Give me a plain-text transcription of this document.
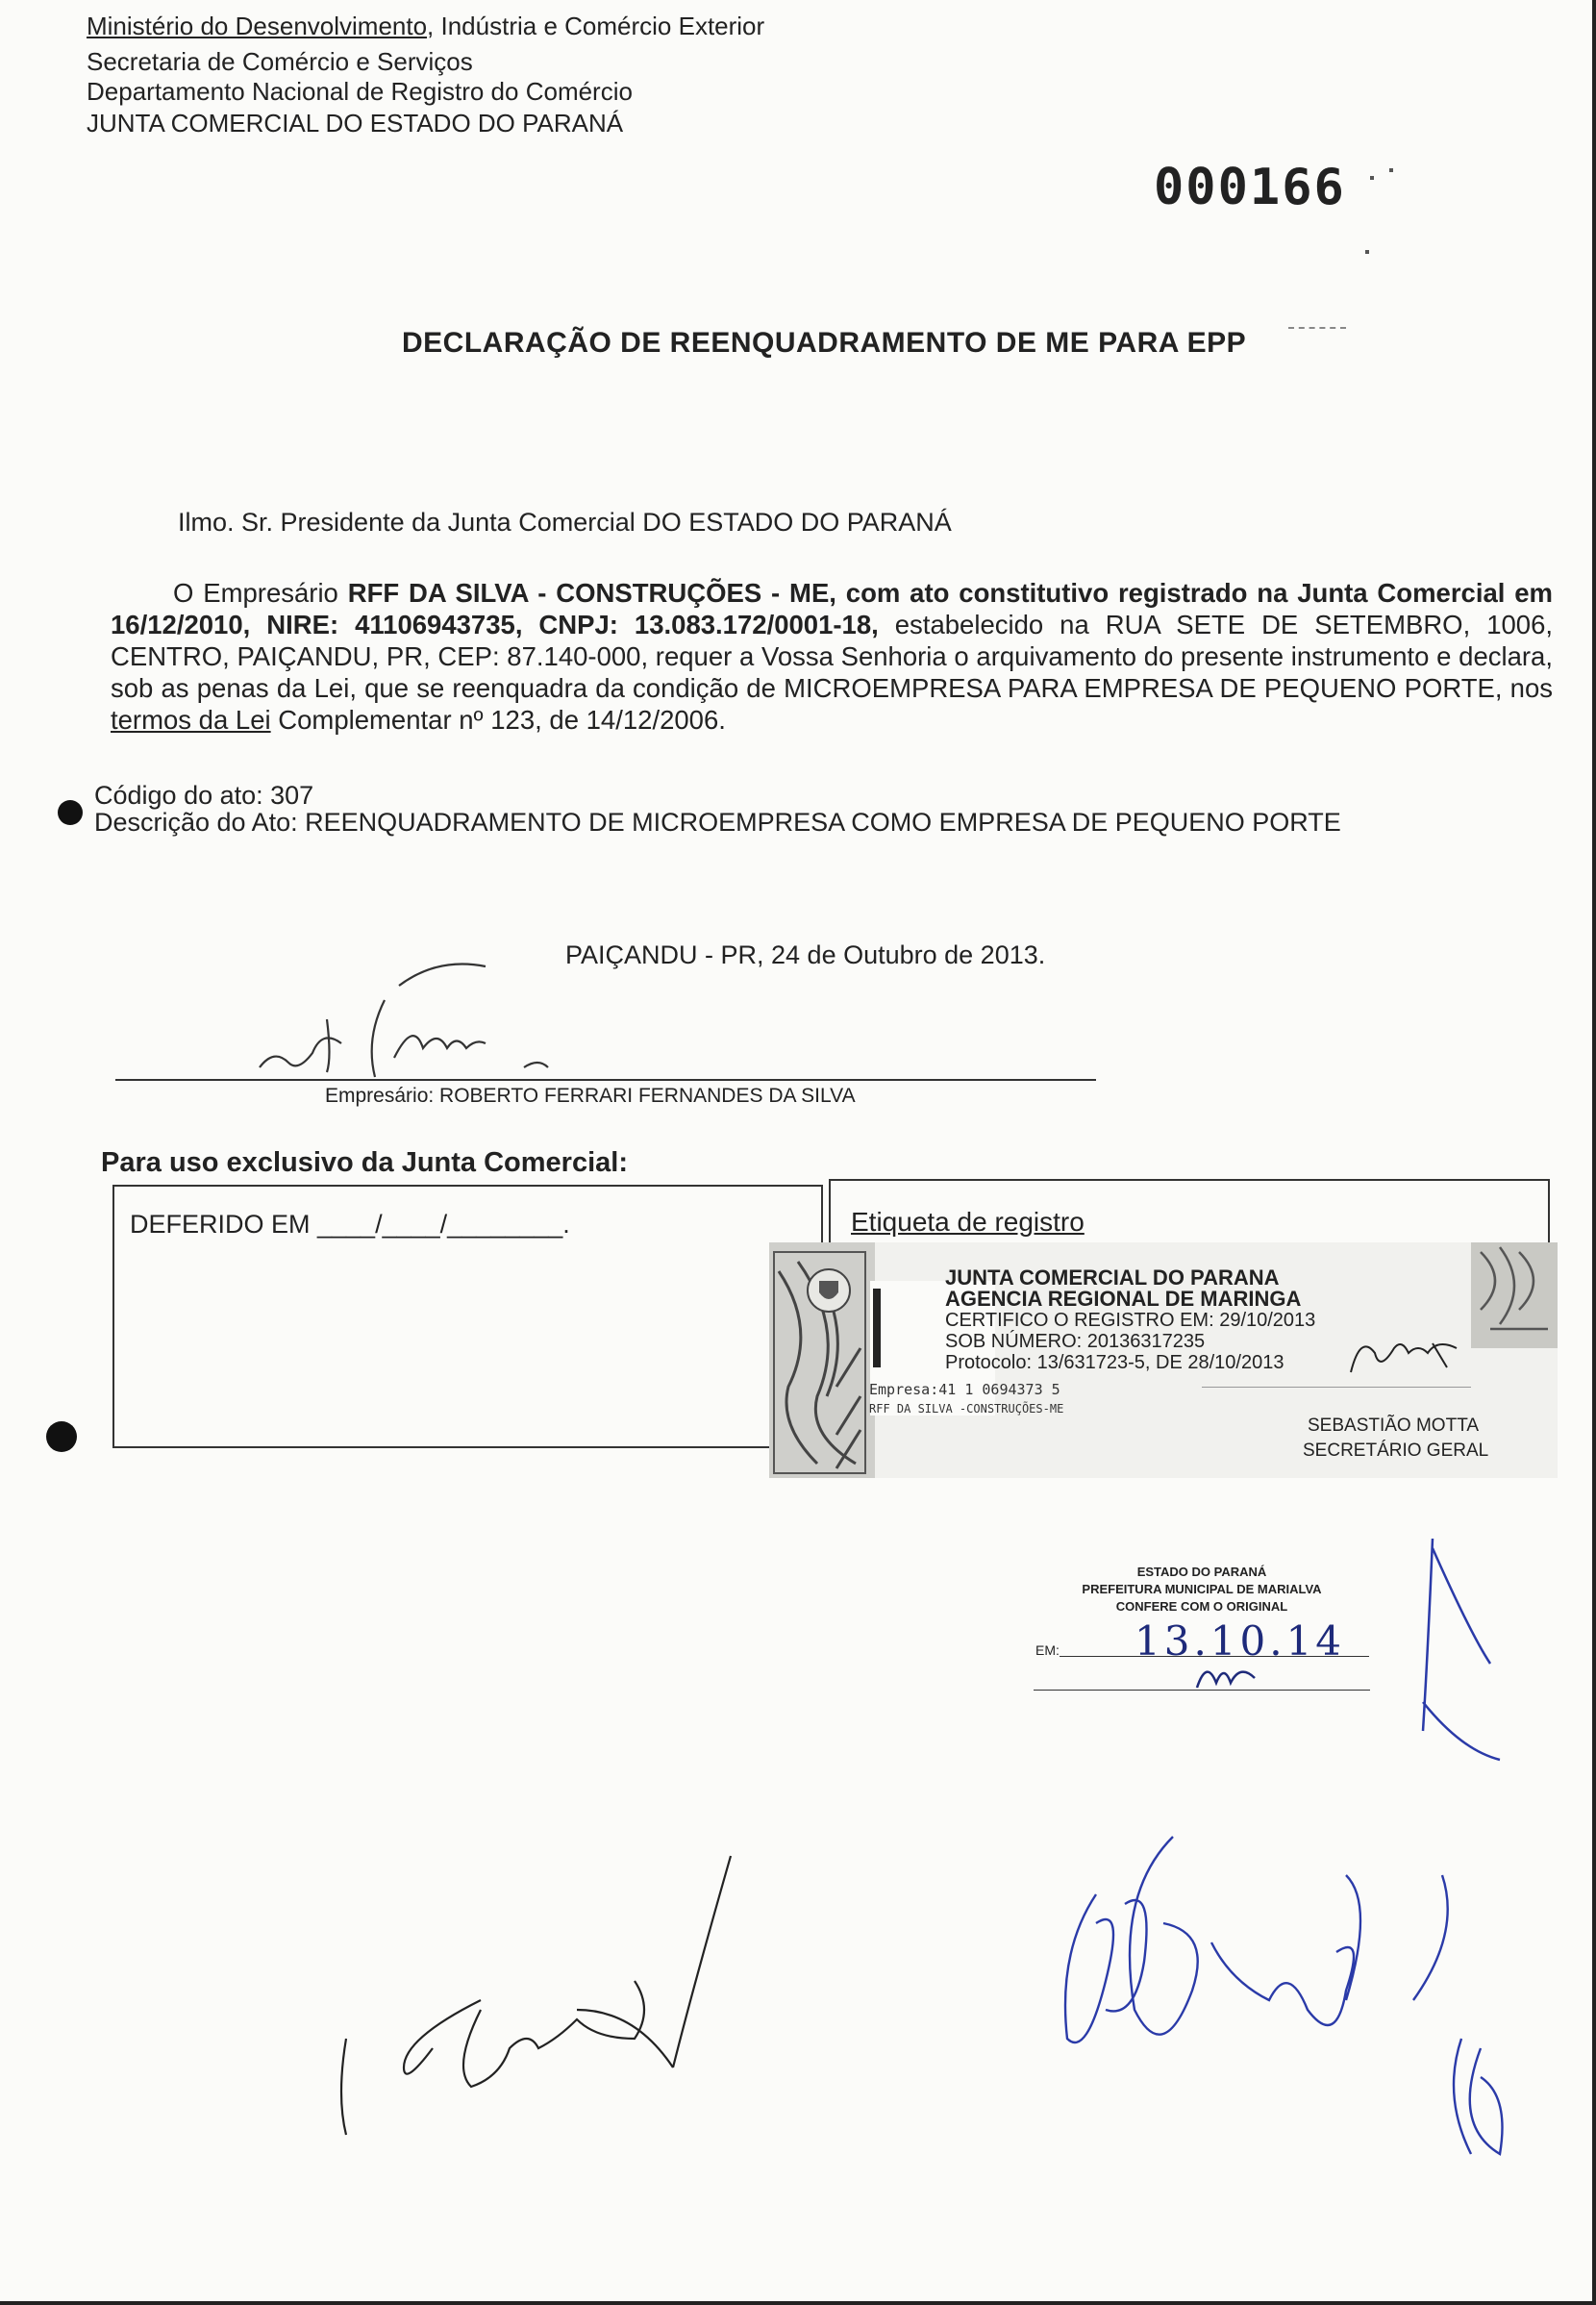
Ministério do Desenvolvimento, Indústria e Comércio Exterior
Secretaria de Comércio e Serviços
Departamento Nacional de Registro do Comércio
JUNTA COMERCIAL DO ESTADO DO PARANÁ
000166
DECLARAÇÃO DE REENQUADRAMENTO DE ME PARA EPP
Ilmo. Sr. Presidente da Junta Comercial DO ESTADO DO PARANÁ
O Empresário RFF DA SILVA - CONSTRUÇÕES - ME, com ato constitutivo registrado na Junta Comercial em 16/12/2010, NIRE: 41106943735, CNPJ: 13.083.172/0001-18, estabelecido na RUA SETE DE SETEMBRO, 1006, CENTRO, PAIÇANDU, PR, CEP: 87.140-000, requer a Vossa Senhoria o arquivamento do presente instrumento e declara, sob as penas da Lei, que se reenquadra da condição de MICROEMPRESA PARA EMPRESA DE PEQUENO PORTE, nos termos da Lei Complementar nº 123, de 14/12/2006.
Código do ato: 307
Descrição do Ato: REENQUADRAMENTO DE MICROEMPRESA COMO EMPRESA DE PEQUENO PORTE
PAIÇANDU - PR, 24 de Outubro de 2013.
Empresário: ROBERTO FERRARI FERNANDES DA SILVA
Para uso exclusivo da Junta Comercial:
DEFERIDO EM ____/____/________.	Etiqueta de registro
JUNTA COMERCIAL DO PARANA
AGENCIA REGIONAL DE MARINGA
CERTIFICO O REGISTRO EM: 29/10/2013
SOB NÚMERO: 20136317235
Protocolo: 13/631723-5, DE 28/10/2013
Empresa:41 1 0694373 5
RFF DA SILVA -CONSTRUÇÕES-ME
SEBASTIÃO MOTTA
SECRETÁRIO GERAL
ESTADO DO PARANÁ
PREFEITURA MUNICIPAL DE MARIALVA
CONFERE COM O ORIGINAL
EM: 13.10.14
